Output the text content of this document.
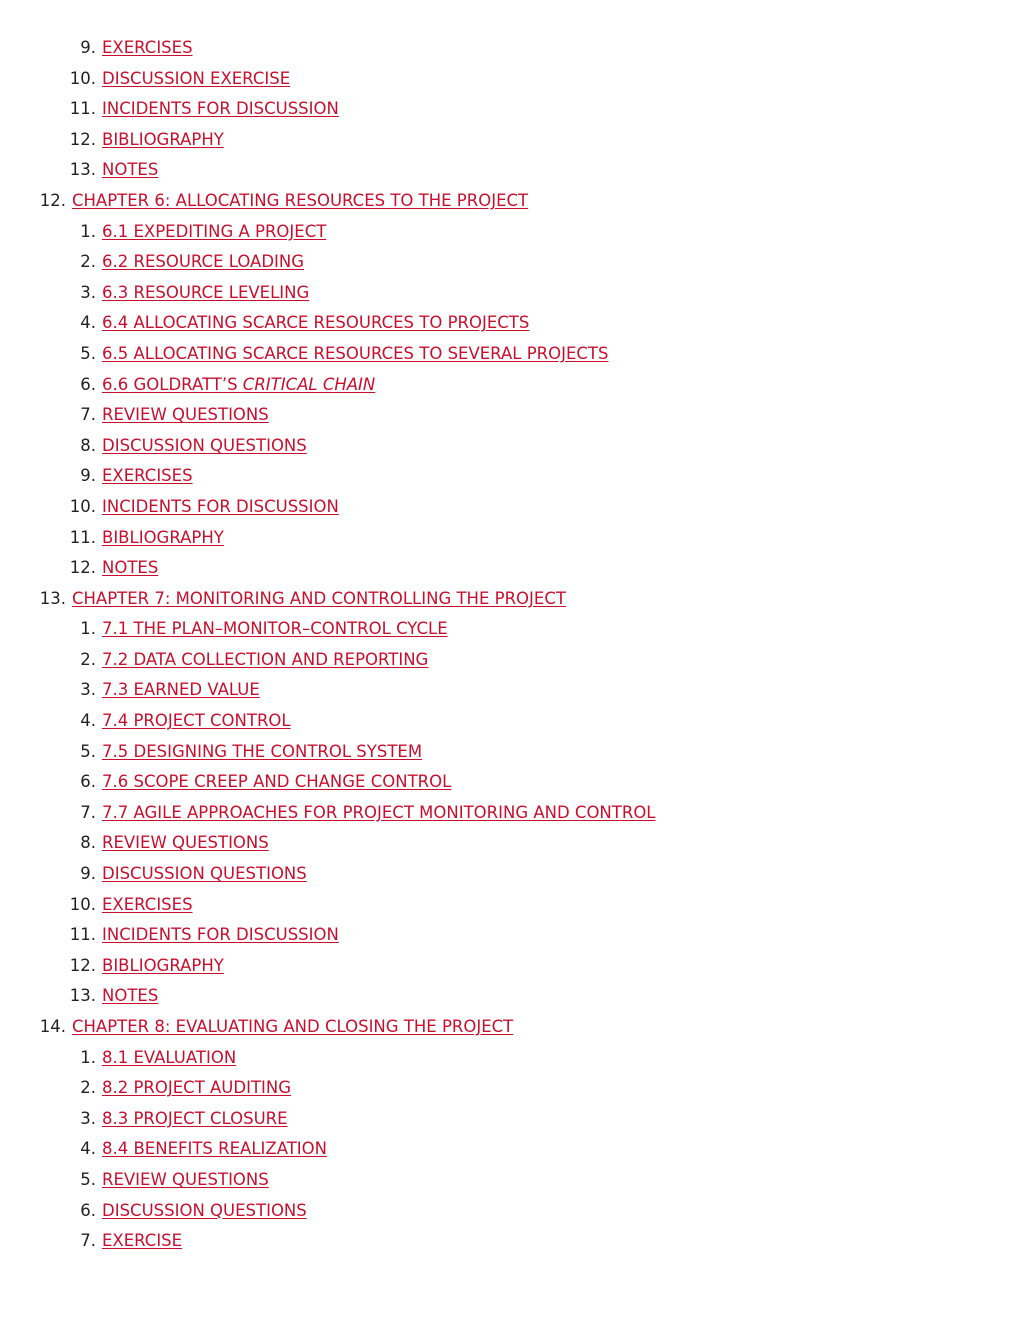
9. EXERCISES
10. DISCUSSION EXERCISE
11. INCIDENTS FOR DISCUSSION
12. BIBLIOGRAPHY
13. NOTES
12. CHAPTER 6: ALLOCATING RESOURCES TO THE PROJECT
1. 6.1 EXPEDITING A PROJECT
2. 6.2 RESOURCE LOADING
3. 6.3 RESOURCE LEVELING
4. 6.4 ALLOCATING SCARCE RESOURCES TO PROJECTS
5. 6.5 ALLOCATING SCARCE RESOURCES TO SEVERAL PROJECTS
6. 6.6 GOLDRATT’S CRITICAL CHAIN
7. REVIEW QUESTIONS
8. DISCUSSION QUESTIONS
9. EXERCISES
10. INCIDENTS FOR DISCUSSION
11. BIBLIOGRAPHY
12. NOTES
13. CHAPTER 7: MONITORING AND CONTROLLING THE PROJECT
1. 7.1 THE PLAN–MONITOR–CONTROL CYCLE
2. 7.2 DATA COLLECTION AND REPORTING
3. 7.3 EARNED VALUE
4. 7.4 PROJECT CONTROL
5. 7.5 DESIGNING THE CONTROL SYSTEM
6. 7.6 SCOPE CREEP AND CHANGE CONTROL
7. 7.7 AGILE APPROACHES FOR PROJECT MONITORING AND CONTROL
8. REVIEW QUESTIONS
9. DISCUSSION QUESTIONS
10. EXERCISES
11. INCIDENTS FOR DISCUSSION
12. BIBLIOGRAPHY
13. NOTES
14. CHAPTER 8: EVALUATING AND CLOSING THE PROJECT
1. 8.1 EVALUATION
2. 8.2 PROJECT AUDITING
3. 8.3 PROJECT CLOSURE
4. 8.4 BENEFITS REALIZATION
5. REVIEW QUESTIONS
6. DISCUSSION QUESTIONS
7. EXERCISE
